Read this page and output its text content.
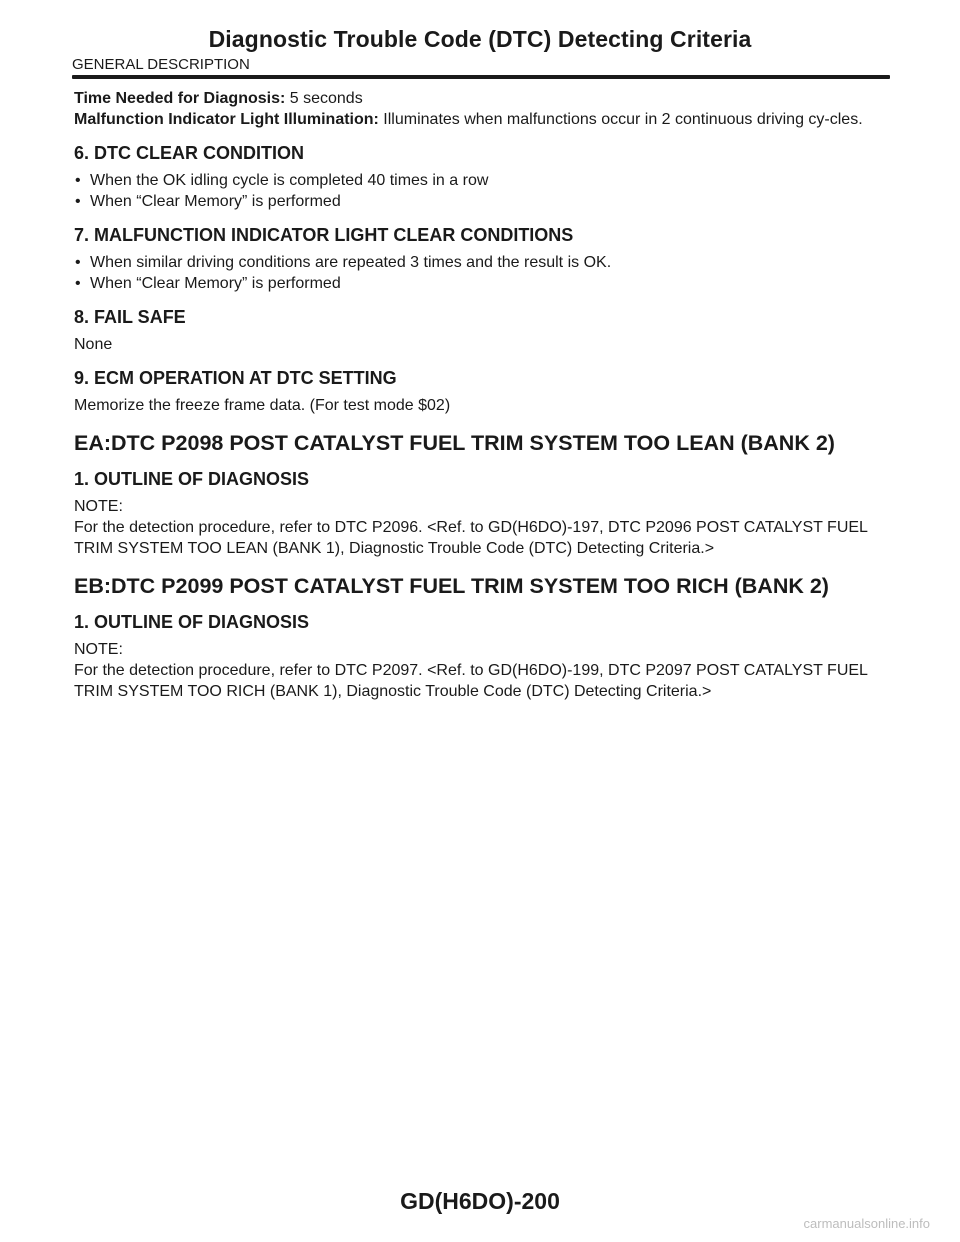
Diagnostic Trouble Code (DTC) Detecting Criteria
GENERAL DESCRIPTION

Time Needed for Diagnosis: 5 seconds

Malfunction Indicator Light Illumination: Illuminates when malfunctions occur in 2 continuous driving cy-cles.

6. DTC CLEAR CONDITION
• When the OK idling cycle is completed 40 times in a row
• When “Clear Memory” is performed
7. MALFUNCTION INDICATOR LIGHT CLEAR CONDITIONS
• When similar driving conditions are repeated 3 times and the result is OK.
• When “Clear Memory” is performed
8. FAIL SAFE

None

9. ECM OPERATION AT DTC SETTING

Memorize the freeze frame data. (For test mode $02)

EA:DTC P2098 POST CATALYST FUEL TRIM SYSTEM TOO LEAN (BANK 2)
1. OUTLINE OF DIAGNOSIS

NOTE:

For the detection procedure, refer to DTC P2096. <Ref. to GD(H6DO)-197, DTC P2096 POST CATALYST FUEL TRIM SYSTEM TOO LEAN (BANK 1), Diagnostic Trouble Code (DTC) Detecting Criteria.>

EB:DTC P2099 POST CATALYST FUEL TRIM SYSTEM TOO RICH (BANK 2)
1. OUTLINE OF DIAGNOSIS

NOTE:

For the detection procedure, refer to DTC P2097. <Ref. to GD(H6DO)-199, DTC P2097 POST CATALYST FUEL TRIM SYSTEM TOO RICH (BANK 1), Diagnostic Trouble Code (DTC) Detecting Criteria.>

GD(H6DO)-200
carmanualsonline.info
